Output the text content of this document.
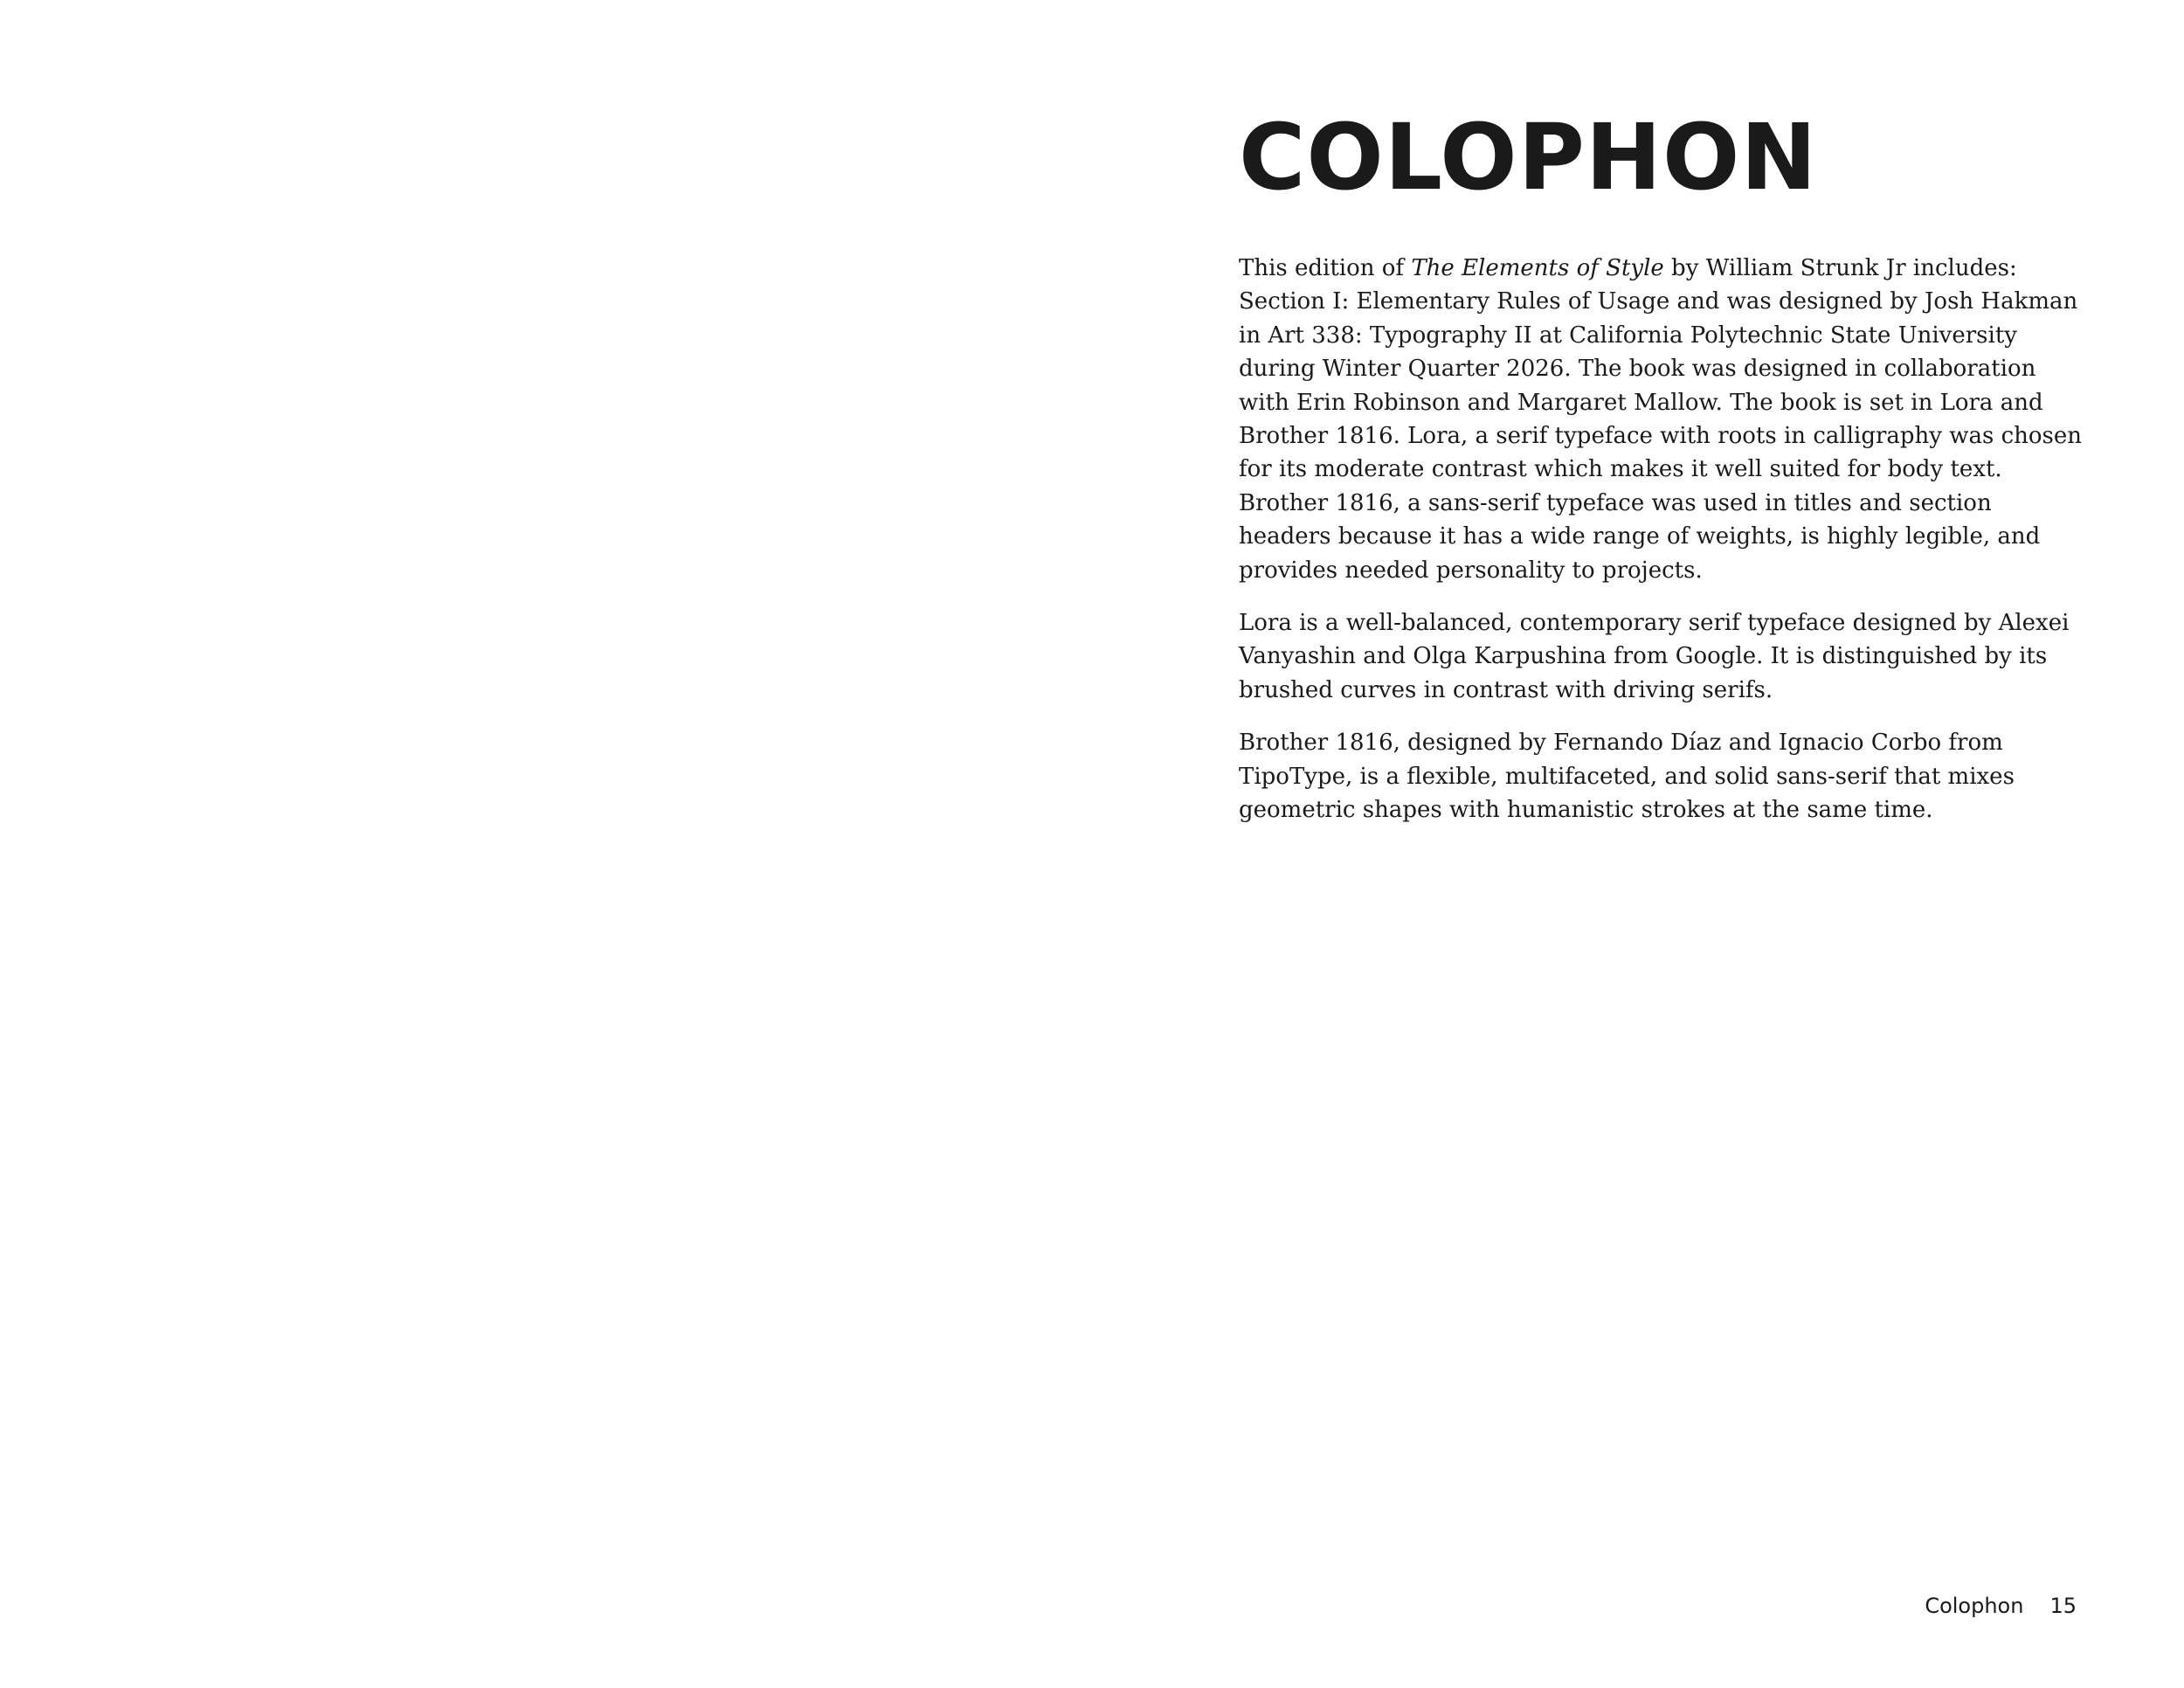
COLOPHON

This edition of The Elements of Style by William Strunk Jr includes: Section I: Elementary Rules of Usage and was designed by Josh Hakman in Art 338: Typography II at California Polytechnic State University during Winter Quarter 2026. The book was designed in collaboration with Erin Robinson and Margaret Mallow. The book is set in Lora and Brother 1816. Lora, a serif typeface with roots in calligraphy was chosen for its moderate contrast which makes it well suited for body text. Brother 1816, a sans-serif typeface was used in titles and section headers because it has a wide range of weights, is highly legible, and provides needed personality to projects.

Lora is a well-balanced, contemporary serif typeface designed by Alexei Vanyashin and Olga Karpushina from Google. It is distinguished by its brushed curves in contrast with driving serifs.

Brother 1816, designed by Fernando Díaz and Ignacio Corbo from TipoType, is a flexible, multifaceted, and solid sans-serif that mixes geometric shapes with humanistic strokes at the same time.

Colophon 15
